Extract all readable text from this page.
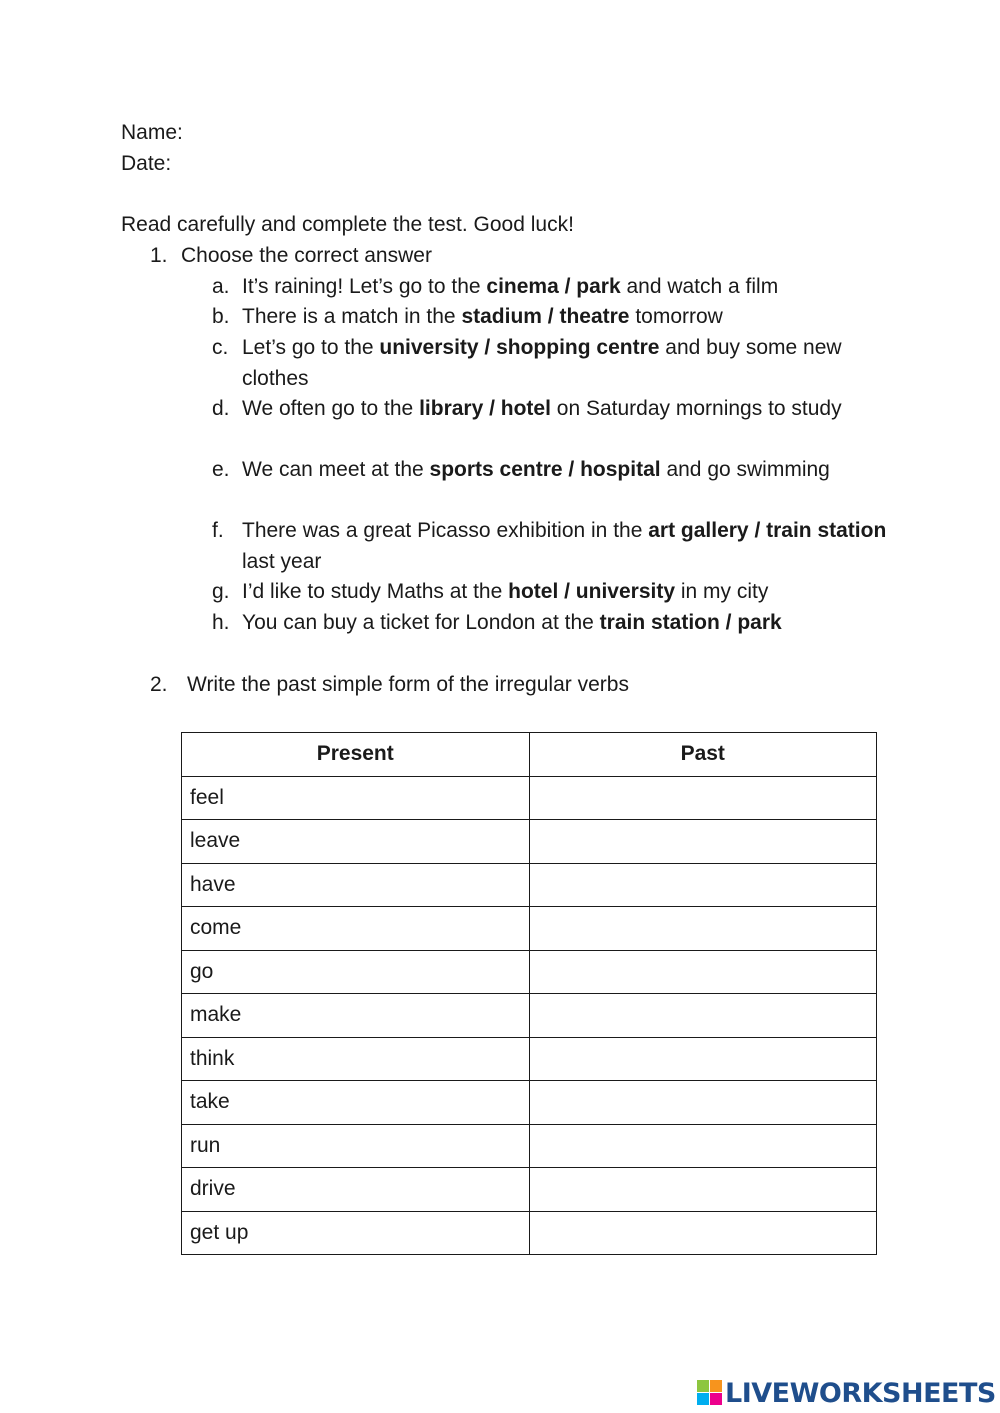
Name:
Date:
Read carefully and complete the test. Good luck!
1. Choose the correct answer
a. It’s raining! Let’s go to the cinema / park and watch a film
b. There is a match in the stadium / theatre tomorrow
c. Let’s go to the university / shopping centre and buy some new clothes
d. We often go to the library / hotel on Saturday mornings to study
e. We can meet at the sports centre / hospital and go swimming
f. There was a great Picasso exhibition in the art gallery / train station last year
g. I’d like to study Maths at the hotel / university in my city
h. You can buy a ticket for London at the train station / park
2. Write the past simple form of the irregular verbs
Present	Past
feel	
leave	
have	
come	
go	
make	
think	
take	
run	
drive	
get up	
LIVEWORKSHEETS
